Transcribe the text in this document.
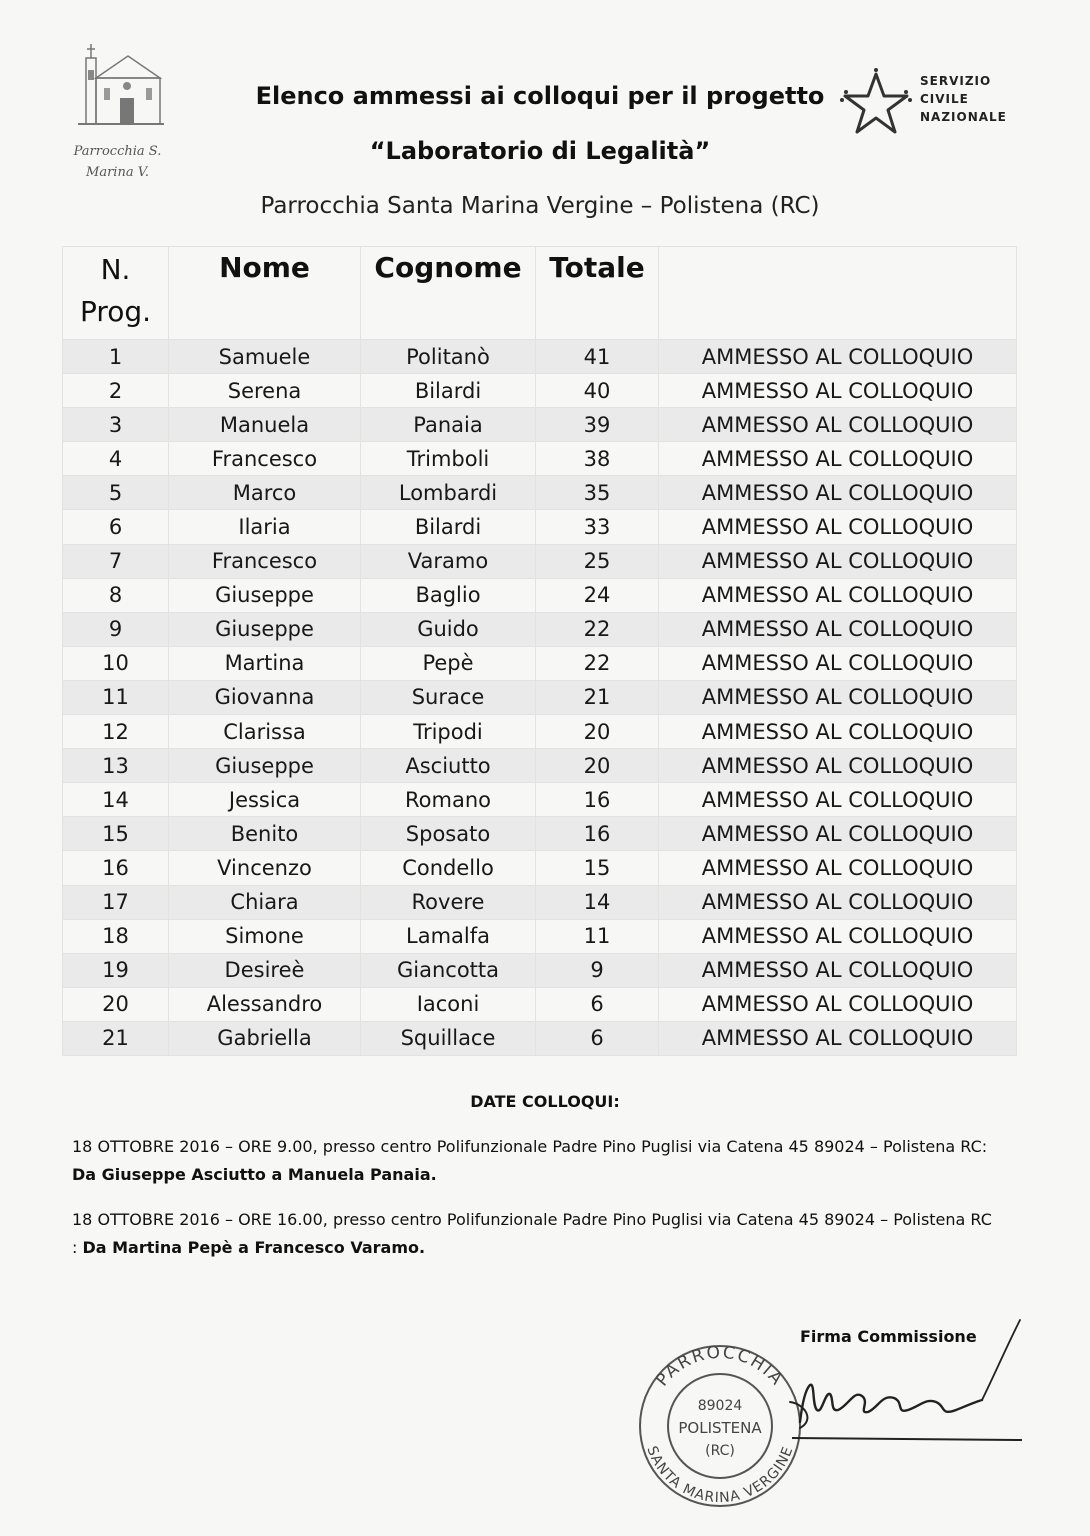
Parrocchia S.
Marina V.
Elenco ammessi ai colloqui per il progetto
“Laboratorio di Legalità”
Parrocchia Santa Marina Vergine – Polistena (RC)
SERVIZIO
CIVILE
NAZIONALE
N.
Prog.	Nome	Cognome	Totale	
1	Samuele	Politanò	41	AMMESSO AL COLLOQUIO
2	Serena	Bilardi	40	AMMESSO AL COLLOQUIO
3	Manuela	Panaia	39	AMMESSO AL COLLOQUIO
4	Francesco	Trimboli	38	AMMESSO AL COLLOQUIO
5	Marco	Lombardi	35	AMMESSO AL COLLOQUIO
6	Ilaria	Bilardi	33	AMMESSO AL COLLOQUIO
7	Francesco	Varamo	25	AMMESSO AL COLLOQUIO
8	Giuseppe	Baglio	24	AMMESSO AL COLLOQUIO
9	Giuseppe	Guido	22	AMMESSO AL COLLOQUIO
10	Martina	Pepè	22	AMMESSO AL COLLOQUIO
11	Giovanna	Surace	21	AMMESSO AL COLLOQUIO
12	Clarissa	Tripodi	20	AMMESSO AL COLLOQUIO
13	Giuseppe	Asciutto	20	AMMESSO AL COLLOQUIO
14	Jessica	Romano	16	AMMESSO AL COLLOQUIO
15	Benito	Sposato	16	AMMESSO AL COLLOQUIO
16	Vincenzo	Condello	15	AMMESSO AL COLLOQUIO
17	Chiara	Rovere	14	AMMESSO AL COLLOQUIO
18	Simone	Lamalfa	11	AMMESSO AL COLLOQUIO
19	Desireè	Giancotta	9	AMMESSO AL COLLOQUIO
20	Alessandro	Iaconi	6	AMMESSO AL COLLOQUIO
21	Gabriella	Squillace	6	AMMESSO AL COLLOQUIO
DATE COLLOQUI:
18 OTTOBRE 2016 – ORE 9.00, presso centro Polifunzionale Padre Pino Puglisi via Catena 45 89024 – Polistena RC: Da Giuseppe Asciutto a Manuela Panaia.
18 OTTOBRE 2016 – ORE 16.00, presso centro Polifunzionale Padre Pino Puglisi via Catena 45 89024 – Polistena RC : Da Martina Pepè a Francesco Varamo.
Firma Commissione
PARROCCHIA
SANTA MARINA VERGINE
89024
POLISTENA
(RC)
